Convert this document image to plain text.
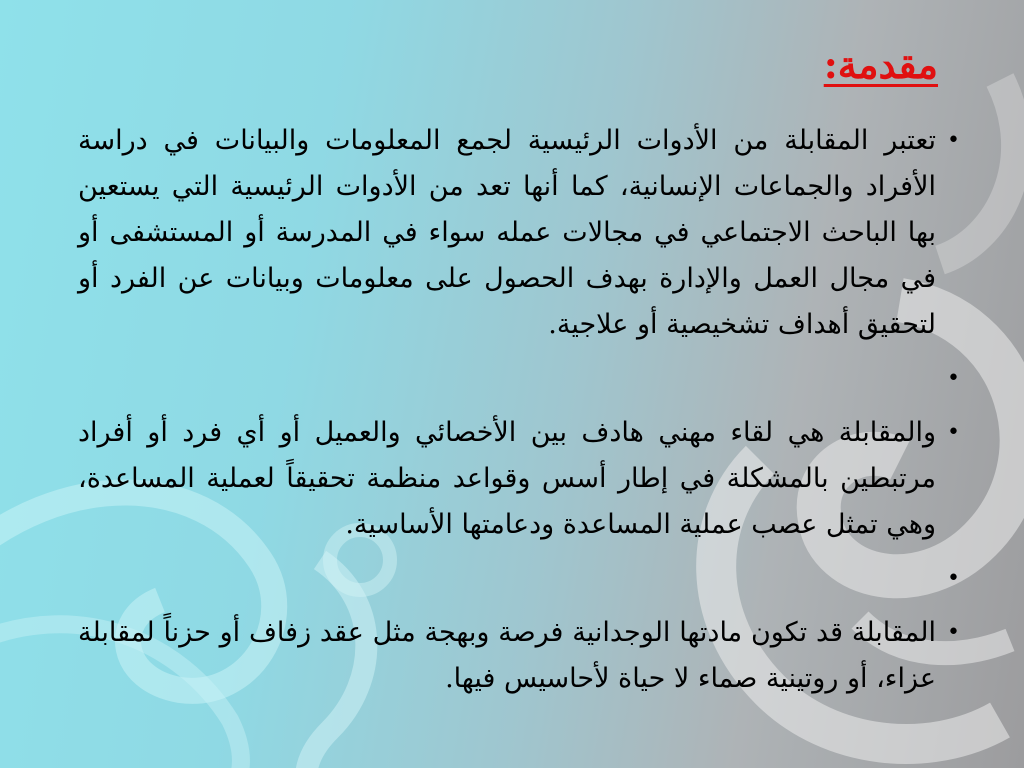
مقدمة:
•
تعتبر المقابلة من الأدوات الرئيسية لجمع المعلومات والبيانات في دراسة الأفراد والجماعات الإنسانية، كما أنها تعد من الأدوات الرئيسية التي يستعين بها الباحث الاجتماعي في مجالات عمله سواء في المدرسة أو المستشفى أو في مجال العمل والإدارة بهدف الحصول على معلومات وبيانات عن الفرد أو لتحقيق أهداف تشخيصية أو علاجية.
•
•
والمقابلة هي لقاء مهني هادف بين الأخصائي والعميل أو أي فرد أو أفراد مرتبطين بالمشكلة في إطار أسس وقواعد منظمة تحقيقاً لعملية المساعدة، وهي تمثل عصب عملية المساعدة ودعامتها الأساسية.
•
•
المقابلة قد تكون مادتها الوجدانية فرصة وبهجة مثل عقد زفاف أو حزناً لمقابلة عزاء، أو روتينية صماء لا حياة لأحاسيس فيها.
